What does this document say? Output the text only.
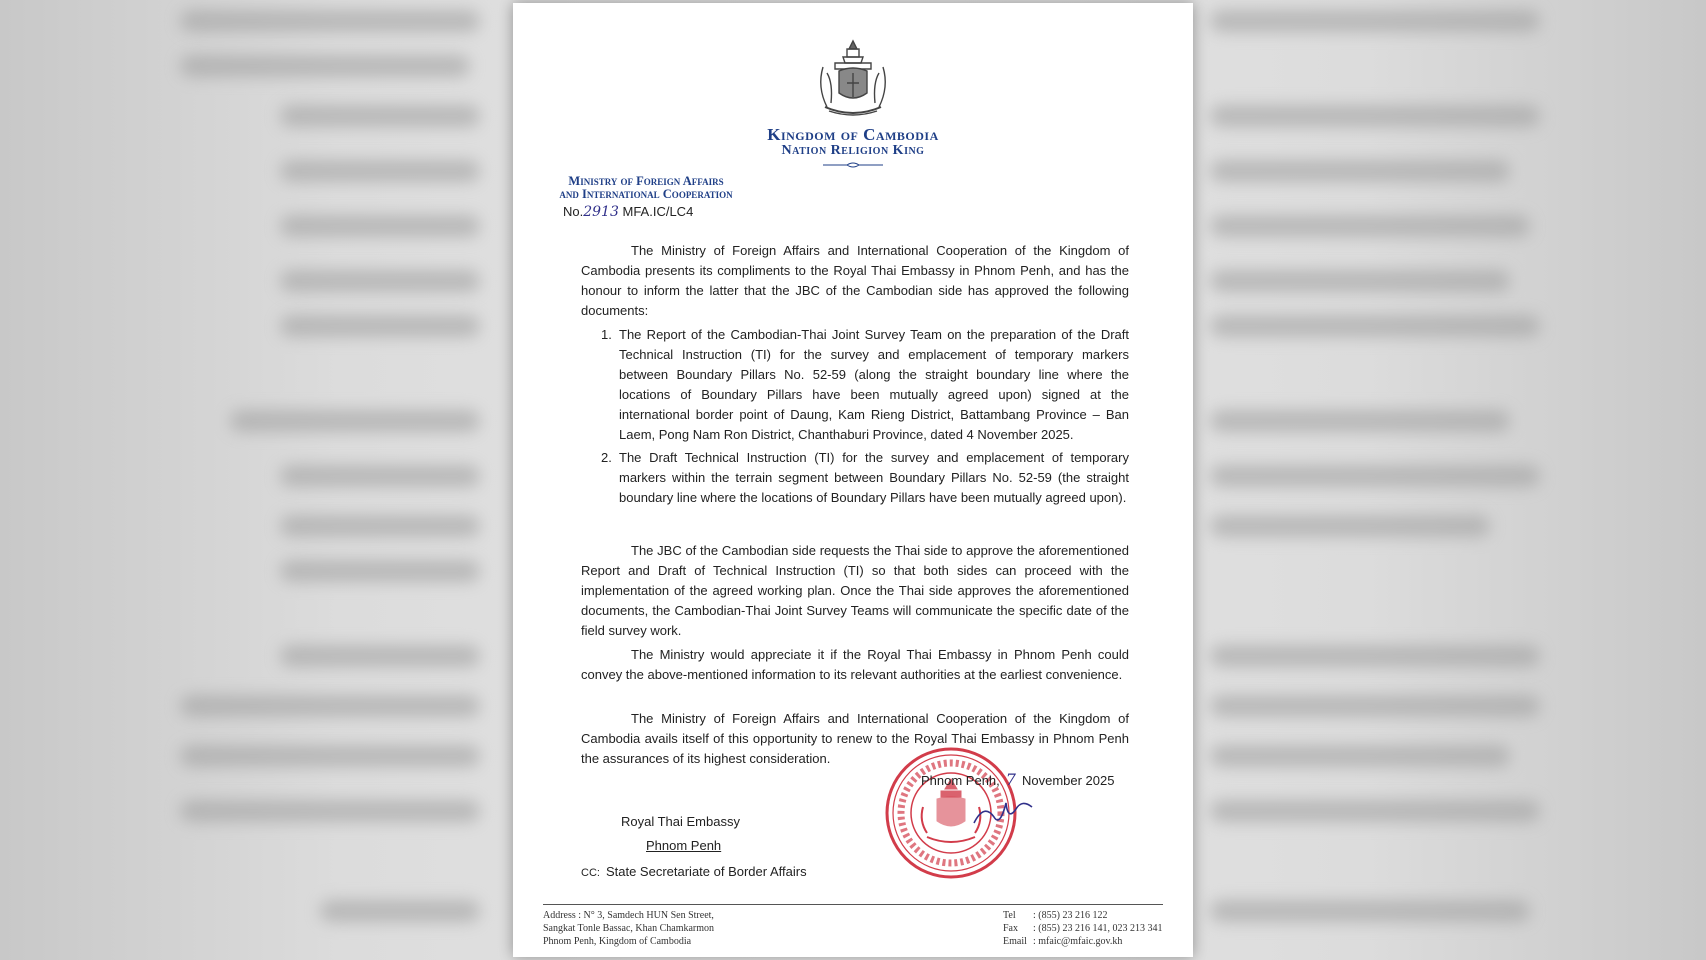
Kingdom of Cambodia
Nation Religion King
Ministry of Foreign Affairs
and International Cooperation
No.2913 MFA.IC/LC4

The Ministry of Foreign Affairs and International Cooperation of the Kingdom of Cambodia presents its compliments to the Royal Thai Embassy in Phnom Penh, and has the honour to inform the latter that the JBC of the Cambodian side has approved the following documents:

1. The Report of the Cambodian-Thai Joint Survey Team on the preparation of the Draft Technical Instruction (TI) for the survey and emplacement of temporary markers between Boundary Pillars No. 52-59 (along the straight boundary line where the locations of Boundary Pillars have been mutually agreed upon) signed at the international border point of Daung, Kam Rieng District, Battambang Province – Ban Laem, Pong Nam Ron District, Chanthaburi Province, dated 4 November 2025.
2. The Draft Technical Instruction (TI) for the survey and emplacement of temporary markers within the terrain segment between Boundary Pillars No. 52-59 (the straight boundary line where the locations of Boundary Pillars have been mutually agreed upon).

The JBC of the Cambodian side requests the Thai side to approve the aforementioned Report and Draft of Technical Instruction (TI) so that both sides can proceed with the implementation of the agreed working plan. Once the Thai side approves the aforementioned documents, the Cambodian-Thai Joint Survey Teams will communicate the specific date of the field survey work.

The Ministry would appreciate it if the Royal Thai Embassy in Phnom Penh could convey the above-mentioned information to its relevant authorities at the earliest convenience.

The Ministry of Foreign Affairs and International Cooperation of the Kingdom of Cambodia avails itself of this opportunity to renew to the Royal Thai Embassy in Phnom Penh the assurances of its highest consideration.

Phnom Penh, 7 November 2025
Royal Thai Embassy
Phnom Penh
CC: State Secretariate of Border Affairs
Address : N° 3, Samdech HUN Sen Street,
Sangkat Tonle Bassac, Khan Chamkarmon
Phnom Penh, Kingdom of Cambodia
Tel : (855) 23 216 122
Fax : (855) 23 216 141, 023 213 341
Email : mfaic@mfaic.gov.kh
